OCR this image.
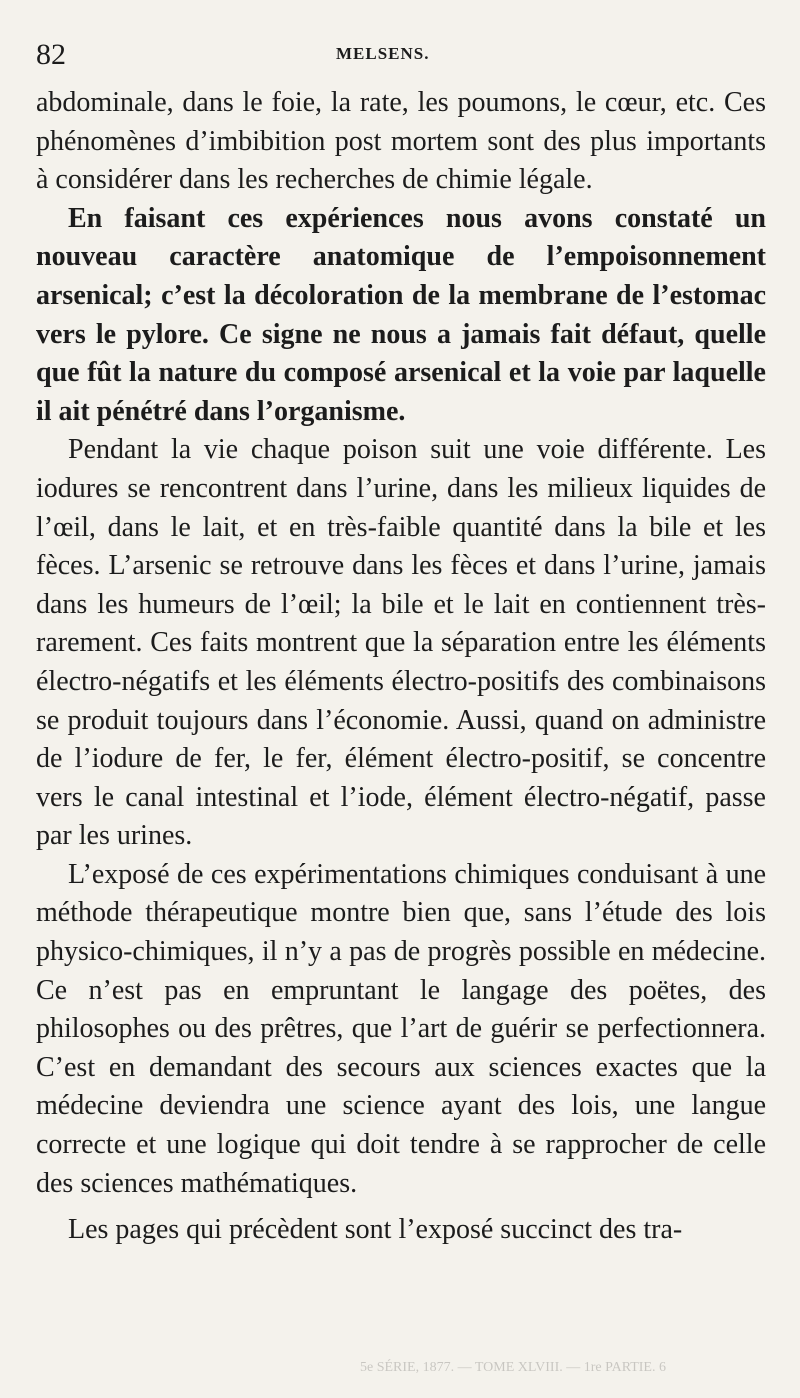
82	MELSENS.

abdominale, dans le foie, la rate, les poumons, le cœur, etc. Ces phénomènes d’imbibition post mortem sont des plus importants à considérer dans les recherches de chimie légale.

En faisant ces expériences nous avons constaté un nouveau caractère anatomique de l’empoisonnement arsenical; c’est la décoloration de la membrane de l’estomac vers le pylore. Ce signe ne nous a jamais fait défaut, quelle que fût la nature du composé arsenical et la voie par laquelle il ait pénétré dans l’organisme.

Pendant la vie chaque poison suit une voie différente. Les iodures se rencontrent dans l’urine, dans les milieux liquides de l’œil, dans le lait, et en très-faible quantité dans la bile et les fèces. L’arsenic se retrouve dans les fèces et dans l’urine, jamais dans les humeurs de l’œil; la bile et le lait en contiennent très-rarement. Ces faits montrent que la séparation entre les éléments électro-négatifs et les éléments électro-positifs des combinaisons se produit toujours dans l’économie. Aussi, quand on administre de l’iodure de fer, le fer, élément électro-positif, se concentre vers le canal intestinal et l’iode, élément électro-négatif, passe par les urines.

L’exposé de ces expérimentations chimiques conduisant à une méthode thérapeutique montre bien que, sans l’étude des lois physico-chimiques, il n’y a pas de progrès possible en médecine. Ce n’est pas en empruntant le langage des poëtes, des philosophes ou des prêtres, que l’art de guérir se perfectionnera. C’est en demandant des secours aux sciences exactes que la médecine deviendra une science ayant des lois, une langue correcte et une logique qui doit tendre à se rapprocher de celle des sciences mathématiques.

Les pages qui précèdent sont l’exposé succinct des tra-

5e SÉRIE, 1877. — TOME XLVIII. — 1re PARTIE. 6
